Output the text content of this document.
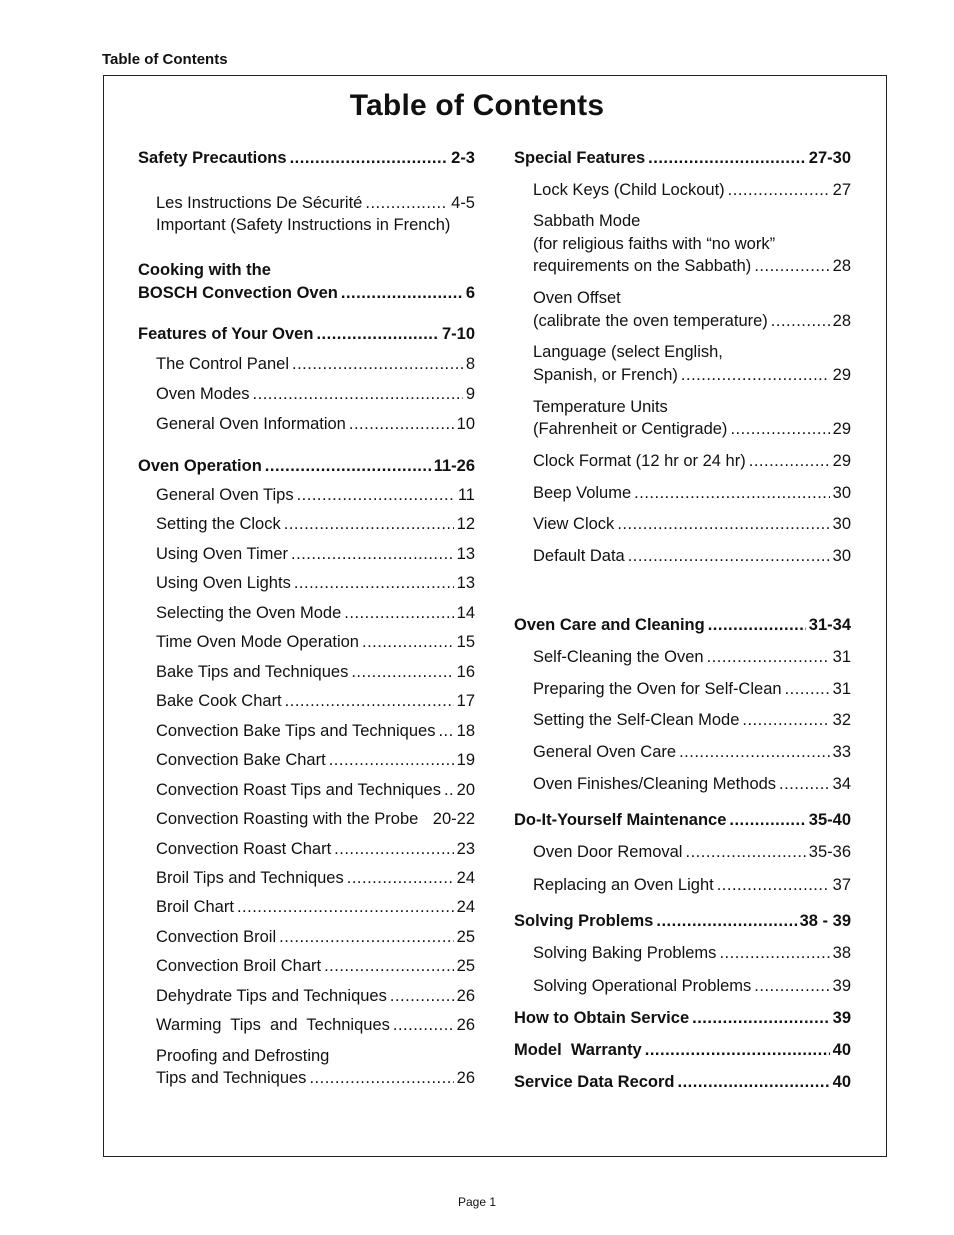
Table of Contents
Table of Contents
Safety Precautions .....	2-3
Les Instructions De Sécurité .....	4-5
Important (Safety Instructions in French)
Cooking with the
BOSCH Convection Oven .....	6
Features of Your Oven .....	7-10
The Control Panel .....	8
Oven Modes .....	9
General Oven Information .....	10
Oven Operation .....	11-26
General Oven Tips .....	11
Setting the Clock .....	12
Using Oven Timer .....	13
Using Oven Lights .....	13
Selecting the Oven Mode .....	14
Time Oven Mode Operation .....	15
Bake Tips and Techniques .....	16
Bake Cook Chart .....	17
Convection Bake Tips and Techniques ..... 18
Convection Bake Chart .....	19
Convection Roast Tips and Techniques ..... 20
Convection Roasting with the Probe 20-22
Convection Roast Chart .....	23
Broil Tips and Techniques .....	24
Broil Chart .....	24
Convection Broil .....	25
Convection Broil Chart .....	25
Dehydrate Tips and Techniques .....	26
Warming  Tips  and  Techniques .....	26
Proofing and Defrosting
Tips and Techniques .....	26
Special Features .....	27-30
Lock Keys (Child Lockout) .....	27
Sabbath Mode
(for religious faiths with “no work”
requirements on the Sabbath) .....	28
Oven Offset
(calibrate the oven temperature) .....	28
Language (select English,
Spanish, or French) .....	29
Temperature Units
(Fahrenheit or Centigrade) .....	29
Clock Format (12 hr or 24 hr) .....	29
Beep Volume .....	30
View Clock .....	30
Default Data .....	30
Oven Care and Cleaning .....	31-34
Self-Cleaning the Oven .....	31
Preparing the Oven for Self-Clean .....	31
Setting the Self-Clean Mode .....	32
General Oven Care .....	33
Oven Finishes/Cleaning Methods .....	34
Do-It-Yourself Maintenance .....	35-40
Oven Door Removal .....	35-36
Replacing an Oven Light .....	37
Solving Problems .....	38 - 39
Solving Baking Problems .....	38
Solving Operational Problems .....	39
How to Obtain Service .....	39
Model  Warranty .....	40
Service Data Record .....	40
Page 1
